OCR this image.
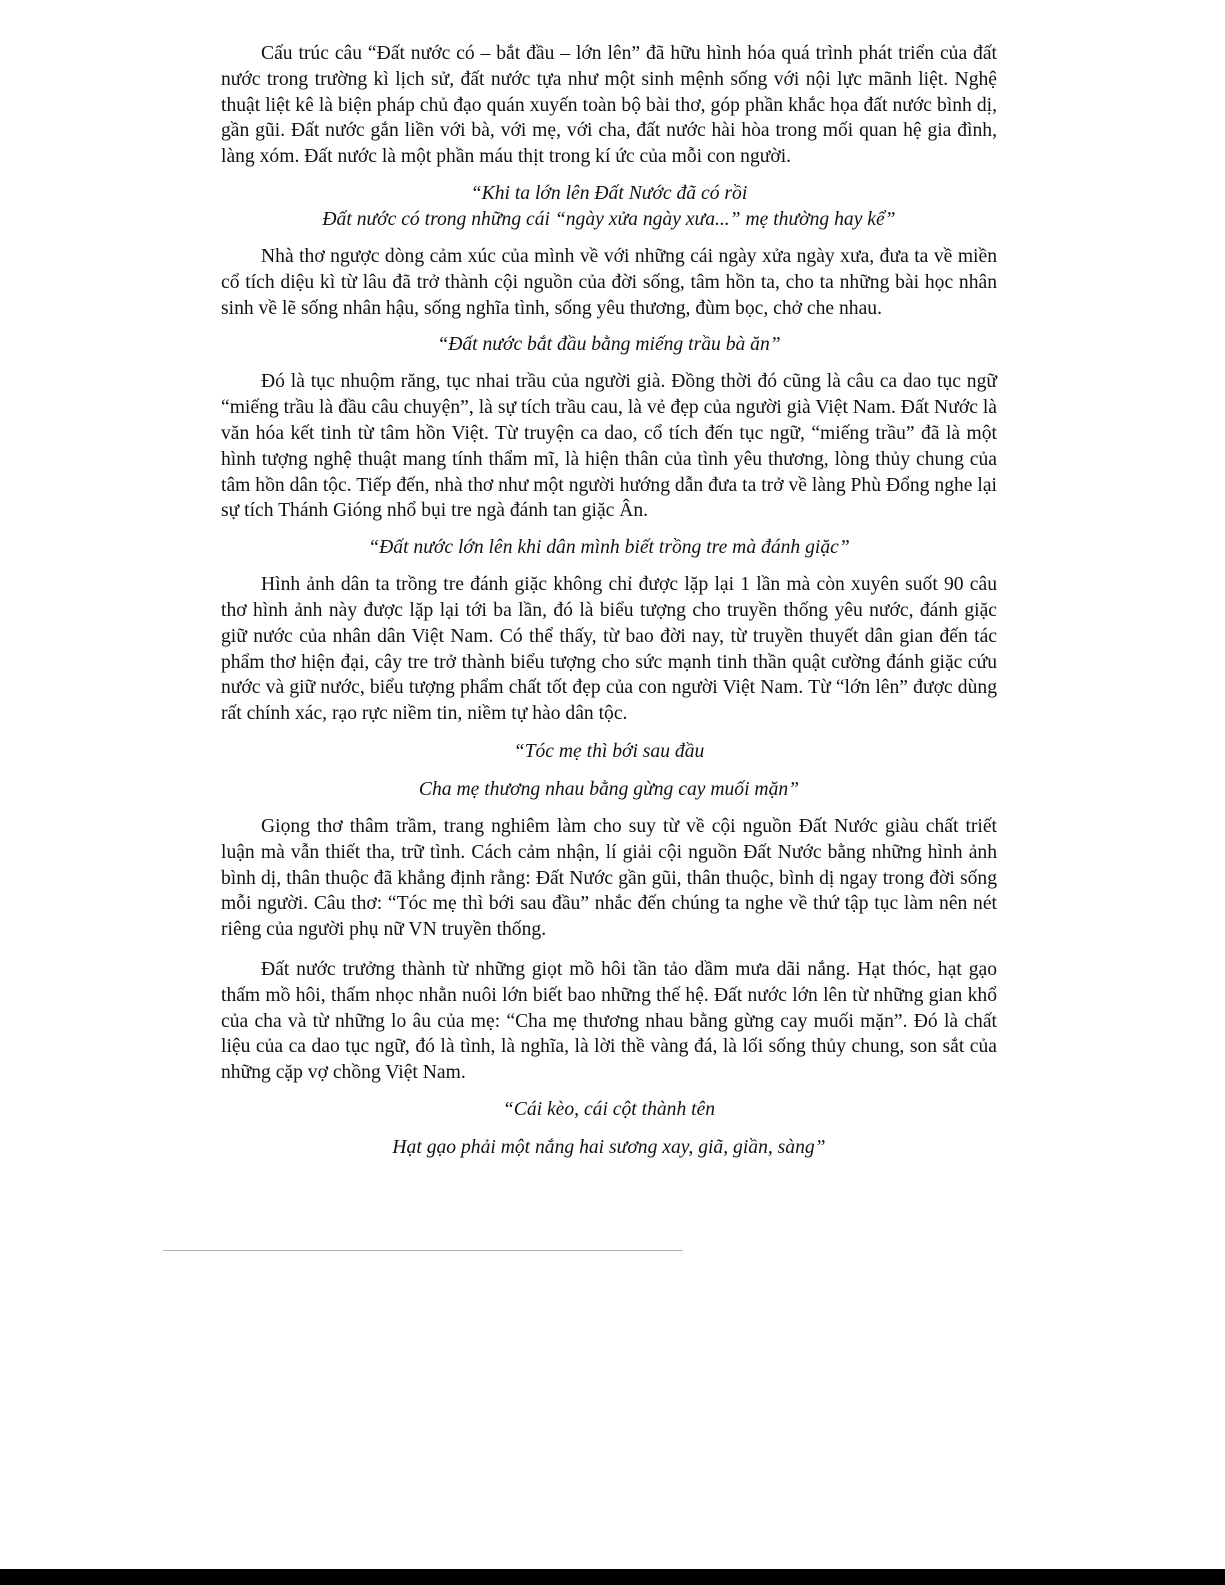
Cấu trúc câu “Đất nước có – bắt đầu – lớn lên” đã hữu hình hóa quá trình phát triển của đất nước trong trường kì lịch sử, đất nước tựa như một sinh mệnh sống với nội lực mãnh liệt. Nghệ thuật liệt kê là biện pháp chủ đạo quán xuyến toàn bộ bài thơ, góp phần khắc họa đất nước bình dị, gần gũi. Đất nước gắn liền với bà, với mẹ, với cha, đất nước hài hòa trong mối quan hệ gia đình, làng xóm. Đất nước là một phần máu thịt trong kí ức của mỗi con người.

“Khi ta lớn lên Đất Nước đã có rồi

Đất nước có trong những cái “ngày xửa ngày xưa...” mẹ thường hay kể”

Nhà thơ ngược dòng cảm xúc của mình về với những cái ngày xửa ngày xưa, đưa ta về miền cổ tích diệu kì từ lâu đã trở thành cội nguồn của đời sống, tâm hồn ta, cho ta những bài học nhân sinh về lẽ sống nhân hậu, sống nghĩa tình, sống yêu thương, đùm bọc, chở che nhau.

“Đất nước bắt đầu bằng miếng trầu bà ăn”

Đó là tục nhuộm răng, tục nhai trầu của người già. Đồng thời đó cũng là câu ca dao tục ngữ “miếng trầu là đầu câu chuyện”, là sự tích trầu cau, là vẻ đẹp của người già Việt Nam. Đất Nước là văn hóa kết tinh từ tâm hồn Việt. Từ truyện ca dao, cổ tích đến tục ngữ, “miếng trầu” đã là một hình tượng nghệ thuật mang tính thẩm mĩ, là hiện thân của tình yêu thương, lòng thủy chung của tâm hồn dân tộc. Tiếp đến, nhà thơ như một người hướng dẫn đưa ta trở về làng Phù Đổng nghe lại sự tích Thánh Gióng nhổ bụi tre ngà đánh tan giặc Ân.

“Đất nước lớn lên khi dân mình biết trồng tre mà đánh giặc”

Hình ảnh dân ta trồng tre đánh giặc không chỉ được lặp lại 1 lần mà còn xuyên suốt 90 câu thơ hình ảnh này được lặp lại tới ba lần, đó là biểu tượng cho truyền thống yêu nước, đánh giặc giữ nước của nhân dân Việt Nam. Có thể thấy, từ bao đời nay, từ truyền thuyết dân gian đến tác phẩm thơ hiện đại, cây tre trở thành biểu tượng cho sức mạnh tinh thần quật cường đánh giặc cứu nước và giữ nước, biểu tượng phẩm chất tốt đẹp của con người Việt Nam. Từ “lớn lên” được dùng rất chính xác, rạo rực niềm tin, niềm tự hào dân tộc.

“Tóc mẹ thì bới sau đầu

Cha mẹ thương nhau bằng gừng cay muối mặn”

Giọng thơ thâm trầm, trang nghiêm làm cho suy từ về cội nguồn Đất Nước giàu chất triết luận mà vẫn thiết tha, trữ tình. Cách cảm nhận, lí giải cội nguồn Đất Nước bằng những hình ảnh bình dị, thân thuộc đã khẳng định rằng: Đất Nước gần gũi, thân thuộc, bình dị ngay trong đời sống mỗi người. Câu thơ: “Tóc mẹ thì bới sau đầu” nhắc đến chúng ta nghe về thứ tập tục làm nên nét riêng của người phụ nữ VN truyền thống.

Đất nước trưởng thành từ những giọt mồ hôi tần tảo dầm mưa dãi nắng. Hạt thóc, hạt gạo thấm mồ hôi, thấm nhọc nhằn nuôi lớn biết bao những thế hệ. Đất nước lớn lên từ những gian khổ của cha và từ những lo âu của mẹ: “Cha mẹ thương nhau bằng gừng cay muối mặn”. Đó là chất liệu của ca dao tục ngữ, đó là tình, là nghĩa, là lời thề vàng đá, là lối sống thủy chung, son sắt của những cặp vợ chồng Việt Nam.

“Cái kèo, cái cột thành tên

Hạt gạo phải một nắng hai sương xay, giã, giần, sàng”
